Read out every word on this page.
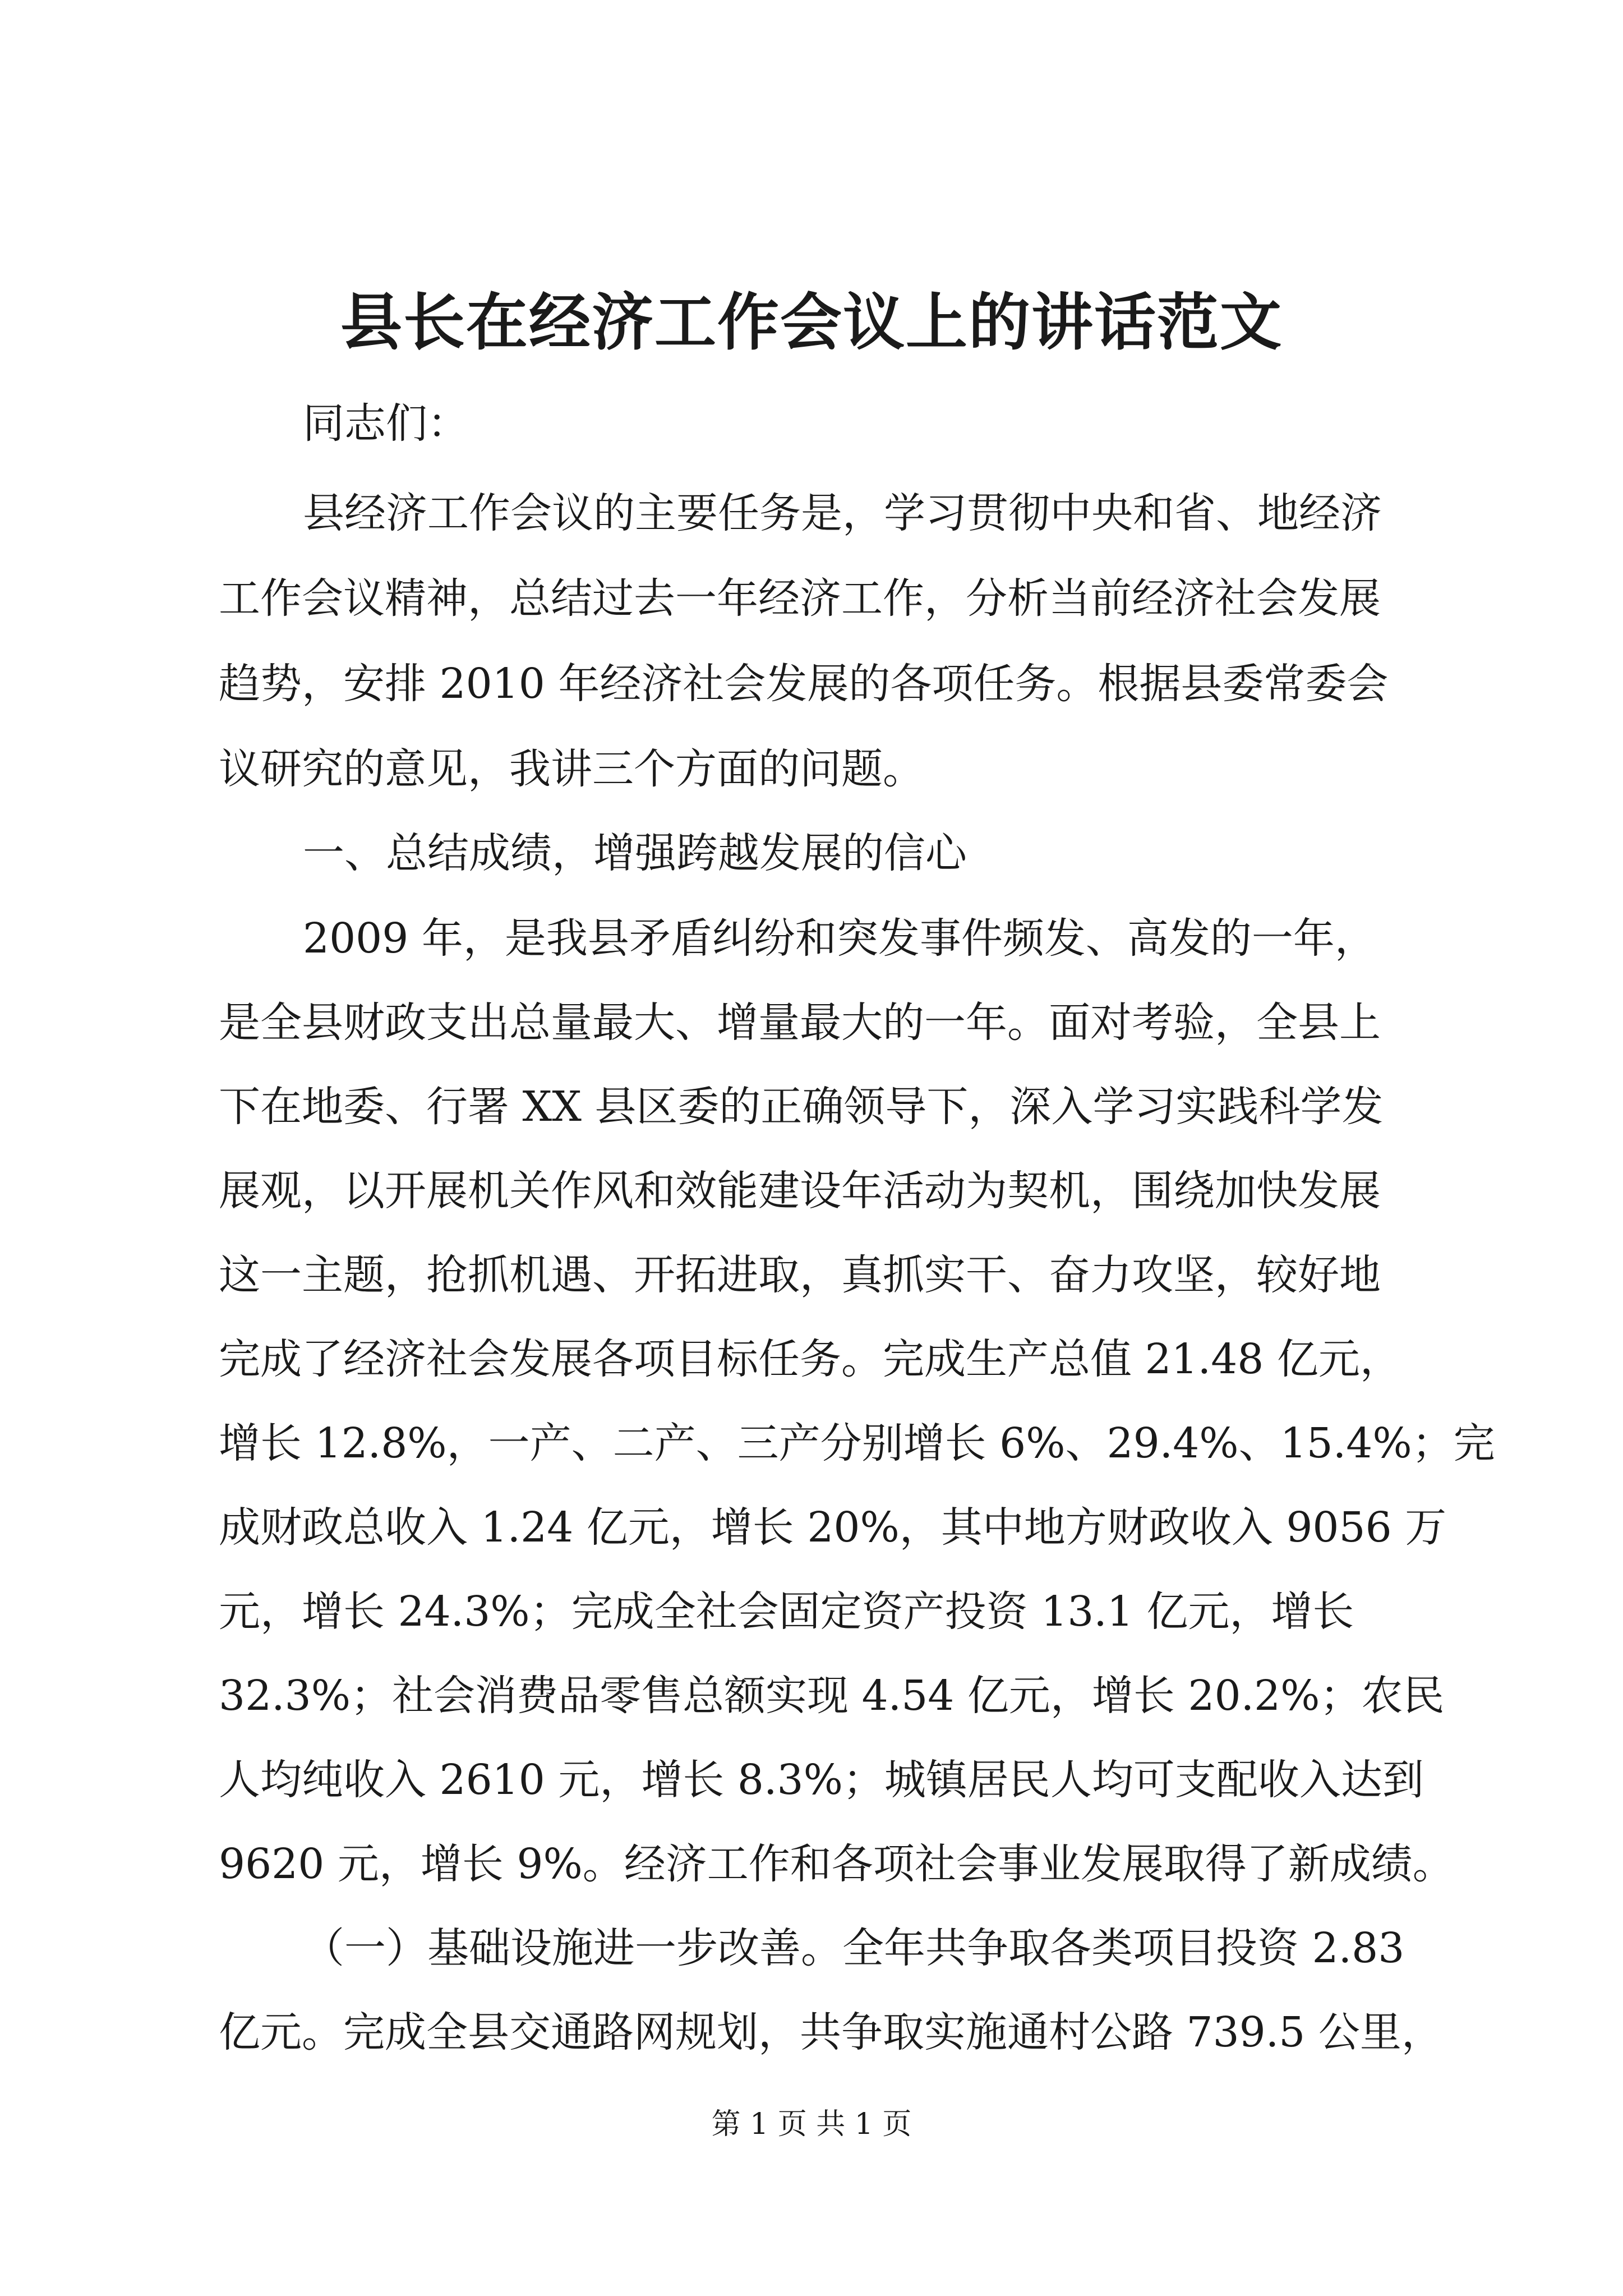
县长在经济工作会议上的讲话范文
同志们：
县经济工作会议的主要任务是，学习贯彻中央和省、地经济
工作会议精神，总结过去一年经济工作，分析当前经济社会发展
趋势，安排 2010 年经济社会发展的各项任务。根据县委常委会
议研究的意见，我讲三个方面的问题。
一、总结成绩，增强跨越发展的信心
2009 年，是我县矛盾纠纷和突发事件频发、高发的一年，
是全县财政支出总量最大、增量最大的一年。面对考验，全县上
下在地委、行署 XX 县区委的正确领导下，深入学习实践科学发
展观，以开展机关作风和效能建设年活动为契机，围绕加快发展
这一主题，抢抓机遇、开拓进取，真抓实干、奋力攻坚，较好地
完成了经济社会发展各项目标任务。完成生产总值 21.48 亿元，
增长 12.8%，一产、二产、三产分别增长 6%、29.4%、15.4%；完
成财政总收入 1.24 亿元，增长 20%，其中地方财政收入 9056 万
元，增长 24.3%；完成全社会固定资产投资 13.1 亿元，增长
32.3%；社会消费品零售总额实现 4.54 亿元，增长 20.2%；农民
人均纯收入 2610 元，增长 8.3%；城镇居民人均可支配收入达到
9620 元，增长 9%。经济工作和各项社会事业发展取得了新成绩。
（一）基础设施进一步改善。全年共争取各类项目投资 2.83
亿元。完成全县交通路网规划，共争取实施通村公路 739.5 公里，
第 1 页 共 1 页
